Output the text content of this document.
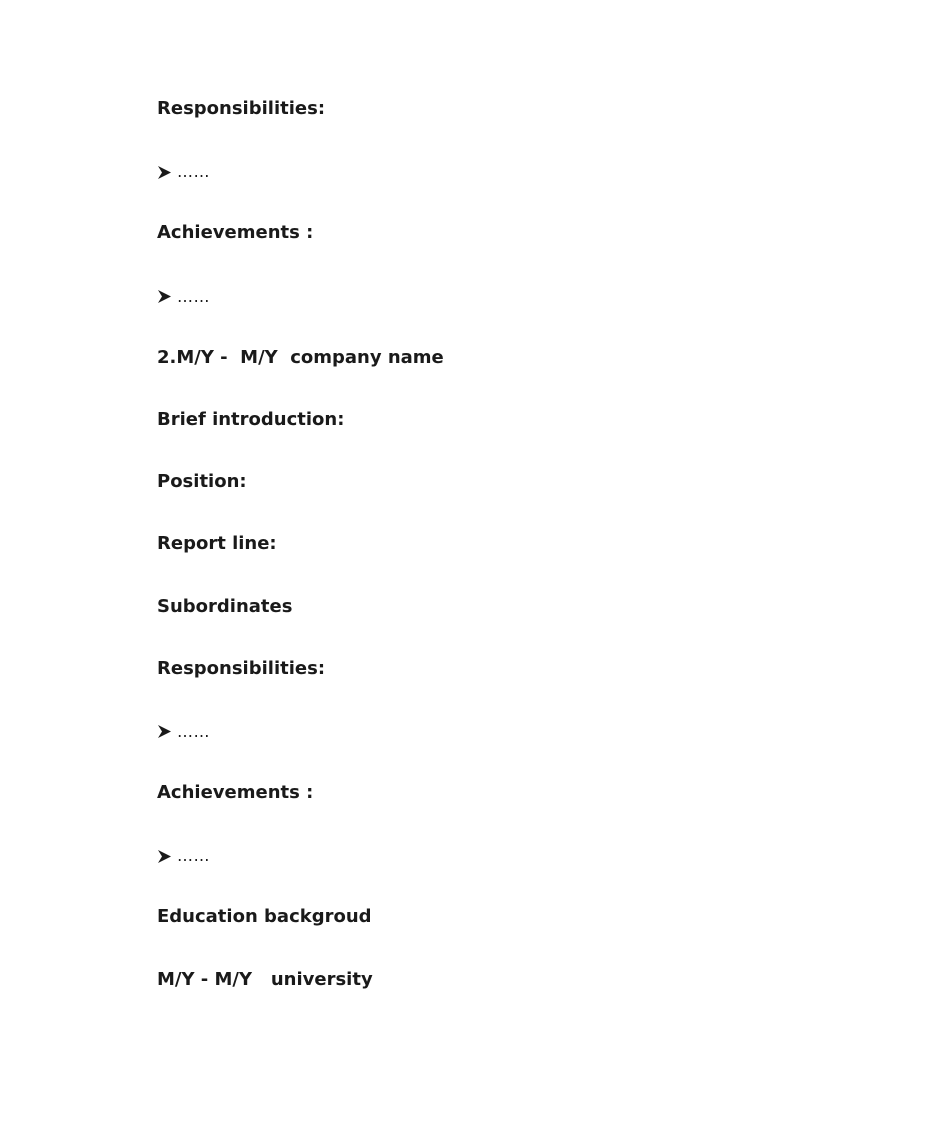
Responsibilities:
……
Achievements :
……
2.M/Y -  M/Y  company name
Brief introduction:
Position:
Report line:
Subordinates
Responsibilities:
……
Achievements :
……
Education backgroud
M/Y - M/Y   university
